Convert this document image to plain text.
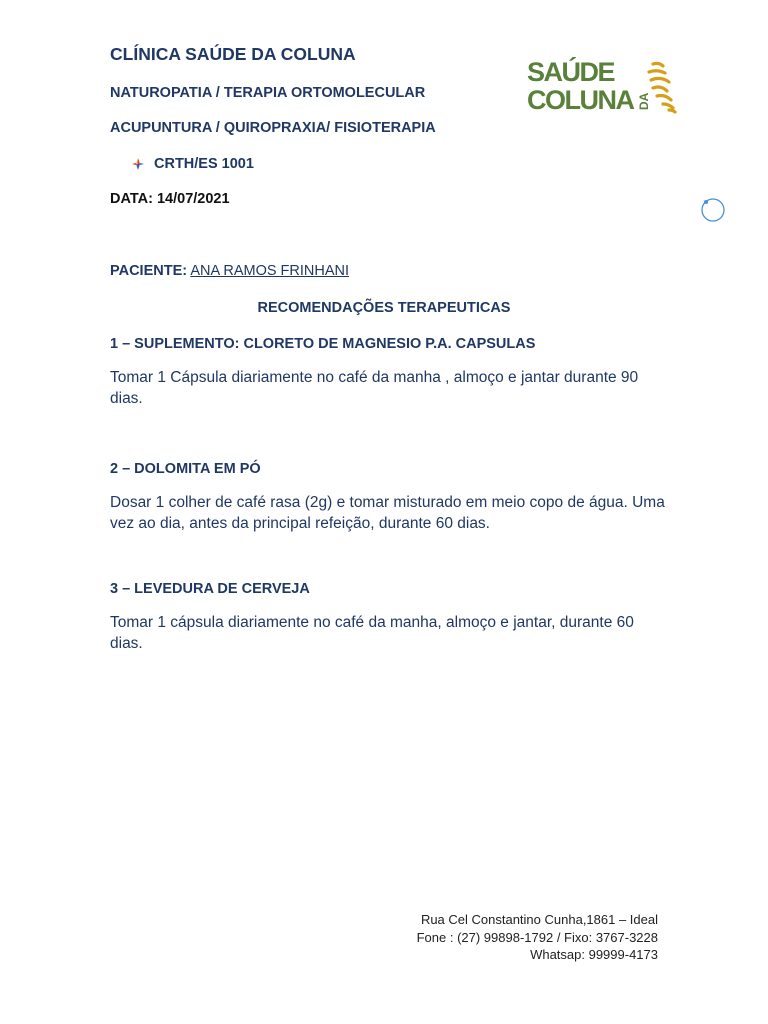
CLÍNICA SAÚDE DA COLUNA
NATUROPATIA / TERAPIA ORTOMOLECULAR
ACUPUNTURA / QUIROPRAXIA/ FISIOTERAPIA
CRTH/ES 1001
DATA: 14/07/2021
SAÚDE
COLUNA DA
PACIENTE: ANA RAMOS FRINHANI
RECOMENDAÇÕES TERAPEUTICAS
1 – SUPLEMENTO: CLORETO DE MAGNESIO P.A. CAPSULAS
Tomar 1 Cápsula diariamente no café da manha , almoço e jantar durante 90 dias.
2 – DOLOMITA EM PÓ
Dosar 1 colher de café rasa (2g) e tomar misturado em meio copo de água. Uma vez ao dia, antes da principal refeição, durante 60 dias.
3 – LEVEDURA DE CERVEJA
Tomar 1 cápsula diariamente no café da manha, almoço e jantar, durante 60 dias.
Rua Cel Constantino Cunha,1861 – Ideal
Fone : (27) 99898-1792 / Fixo: 3767-3228
Whatsap: 99999-4173
